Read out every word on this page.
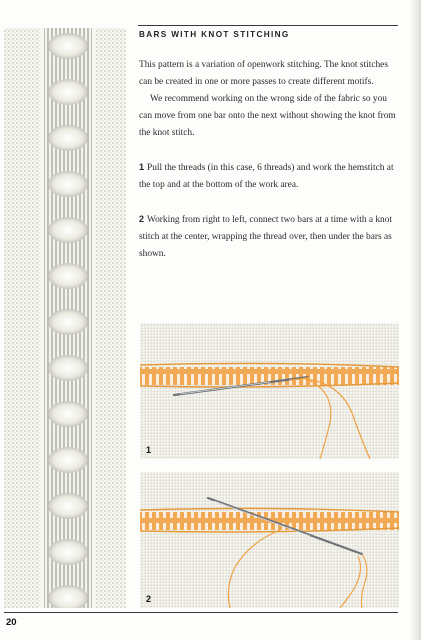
BARS WITH KNOT STITCHING

This pattern is a variation of openwork stitching. The knot stitches can be created in one or more passes to create different motifs.

We recommend working on the wrong side of the fabric so you can move from one bar onto the next without showing the knot from the knot stitch.

1 Pull the threads (in this case, 6 threads) and work the hemstitch at the top and at the bottom of the work area.

2 Working from right to left, connect two bars at a time with a knot stitch at the center, wrapping the thread over, then under the bars as shown.

1
2
20
